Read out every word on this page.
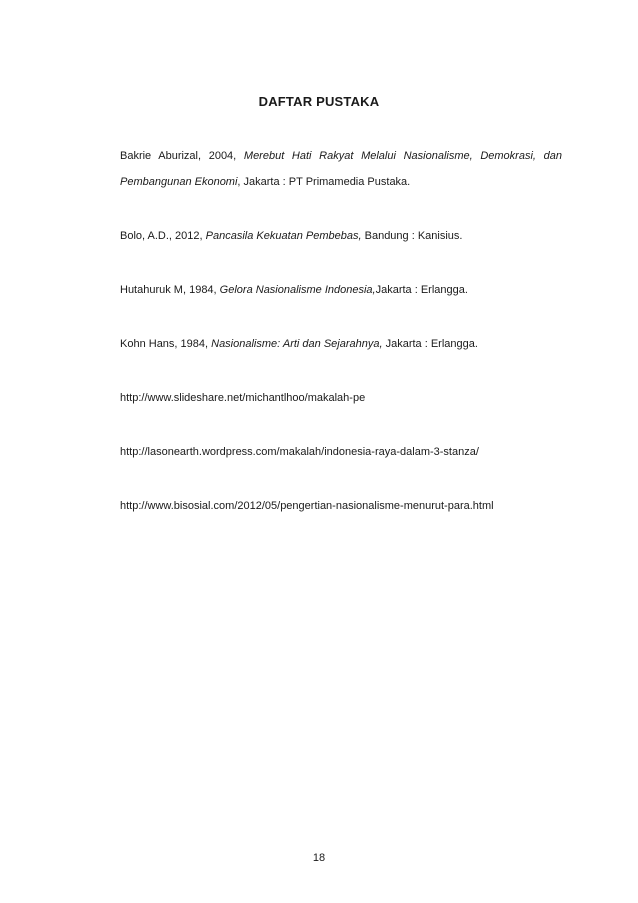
DAFTAR PUSTAKA
Bakrie Aburizal, 2004, Merebut Hati Rakyat Melalui Nasionalisme, Demokrasi, dan Pembangunan Ekonomi, Jakarta : PT Primamedia Pustaka.
Bolo, A.D., 2012, Pancasila Kekuatan Pembebas, Bandung : Kanisius.
Hutahuruk M, 1984, Gelora Nasionalisme Indonesia,Jakarta : Erlangga.
Kohn Hans, 1984, Nasionalisme: Arti dan Sejarahnya, Jakarta : Erlangga.
http://www.slideshare.net/michantlhoo/makalah-pe
http://lasonearth.wordpress.com/makalah/indonesia-raya-dalam-3-stanza/
http://www.bisosial.com/2012/05/pengertian-nasionalisme-menurut-para.html
18
